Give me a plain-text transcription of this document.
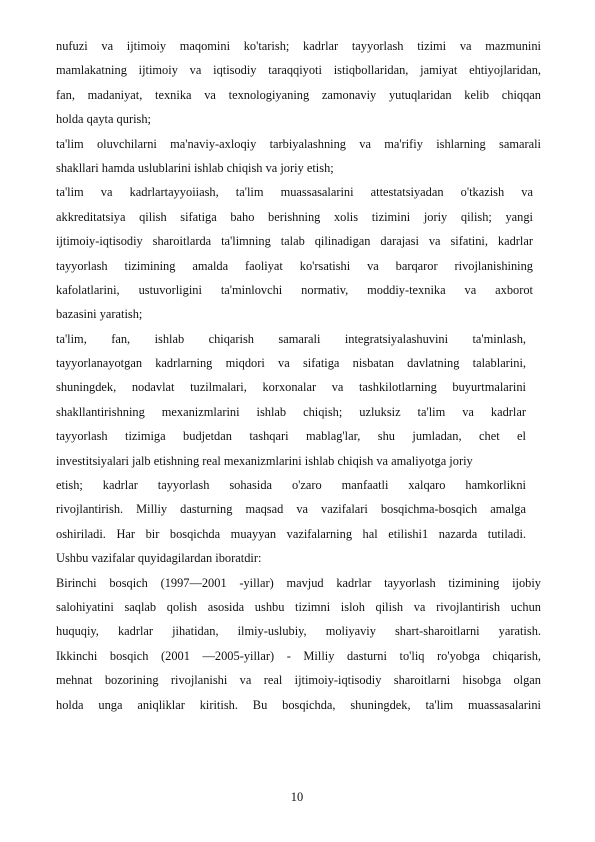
nufuzi va ijtimoiy maqomini ko'tarish; kadrlar tayyorlash tizimi va mazmunini
mamlakatning ijtimoiy va iqtisodiy taraqqiyoti istiqbollaridan, jamiyat ehtiyojlaridan,
fan, madaniyat, texnika va texnologiyaning zamonaviy yutuqlaridan kelib chiqqan
holda qayta qurish;
ta'lim oluvchilarni ma'naviy-axloqiy tarbiyalashning va ma'rifiy ishlarning samarali
shakllari hamda uslublarini ishlab chiqish va joriy etish;
ta'lim va kadrlartayyoiiash, ta'lim muassasalarini attestatsiyadan o'tkazish va
akkreditatsiya qilish sifatiga baho berishning xolis tizimini joriy qilish; yangi
ijtimoiy-iqtisodiy sharoitlarda ta'limning talab qilinadigan darajasi va sifatini, kadrlar
tayyorlash tizimining amalda faoliyat ko'rsatishi va barqaror rivojlanishining
kafolatlarini, ustuvorligini ta'minlovchi normativ, moddiy-texnika va axborot
bazasini yaratish;
ta'lim, fan, ishlab chiqarish samarali integratsiyalashuvini ta'minlash,
tayyorlanayotgan kadrlarning miqdori va sifatiga nisbatan davlatning talablarini,
shuningdek, nodavlat tuzilmalari, korxonalar va tashkilotlarning buyurtmalarini
shakllantirishning mexanizmlarini ishlab chiqish; uzluksiz ta'lim va kadrlar
tayyorlash tizimiga budjetdan tashqari mablag'lar, shu jumladan, chet el
investitsiyalari jalb etishning real mexanizmlarini ishlab chiqish va amaliyotga joriy
etish; kadrlar tayyorlash sohasida o'zaro manfaatli xalqaro hamkorlikni
rivojlantirish. Milliy dasturning maqsad va vazifalari bosqichma-bosqich amalga
oshiriladi. Har bir bosqichda muayyan vazifalarning hal etilishi1 nazarda tutiladi.
Ushbu vazifalar quyidagilardan iboratdir:
Birinchi bosqich (1997—2001 -yillar) mavjud kadrlar tayyorlash tizimining ijobiy
salohiyatini saqlab qolish asosida ushbu tizimni isloh qilish va rivojlantirish uchun
huquqiy, kadrlar jihatidan, ilmiy-uslubiy, moliyaviy shart-sharoitlarni yaratish.
Ikkinchi bosqich (2001 —2005-yillar) - Milliy dasturni to'liq ro'yobga chiqarish,
mehnat bozorining rivojlanishi va real ijtimoiy-iqtisodiy sharoitlarni hisobga olgan
holda unga aniqliklar kiritish. Bu bosqichda, shuningdek, ta'lim muassasalarini
10
